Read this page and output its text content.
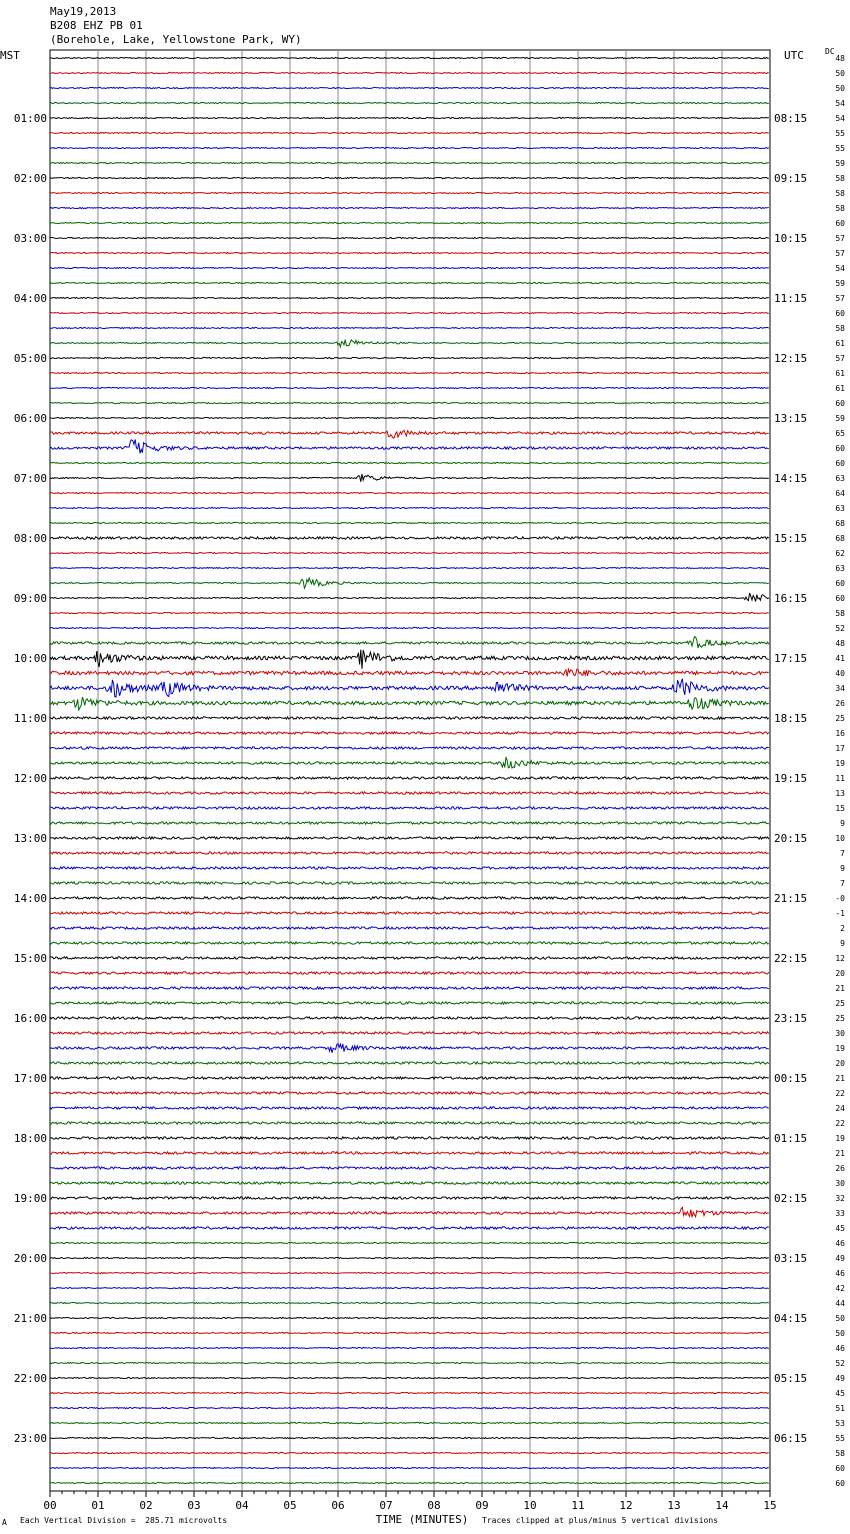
May19,2013
B208 EHZ PB 01
(Borehole, Lake, Yellowstone Park, WY)
MST	UTC	DC
A Each Vertical Division =  285.71 microvolts	Traces clipped at plus/minus 5 vertical divisions
00	01	02	03	04	05	06	07	08	09	10	11	12	13	14	15
TIME (MINUTES)
48
50
50
54
54
55
55
59
58
58
58
60
57
57
54
59
57
60
58
61
57
61
61
60
59
65
60
60
63
64
63
68
68
62
63
60
60
58
52
48
41
40
34
26
25
16
17
19
11
13
15
9
10
7
9
7
-0
-1
2
9
12
20
21
25
25
30
19
20
21
22
24
22
19
21
26
30
32
33
45
46
49
46
42
44
50
50
46
52
49
45
51
53
55
58
60
60
01:00
02:00
03:00
04:00
05:00
06:00
07:00
08:00
09:00
10:00
11:00
12:00
13:00
14:00
15:00
16:00
17:00
18:00
19:00
20:00
21:00
22:00
23:00
08:15
09:15
10:15
11:15
12:15
13:15
14:15
15:15
16:15
17:15
18:15
19:15
20:15
21:15
22:15
23:15
00:15
01:15
02:15
03:15
04:15
05:15
06:15
